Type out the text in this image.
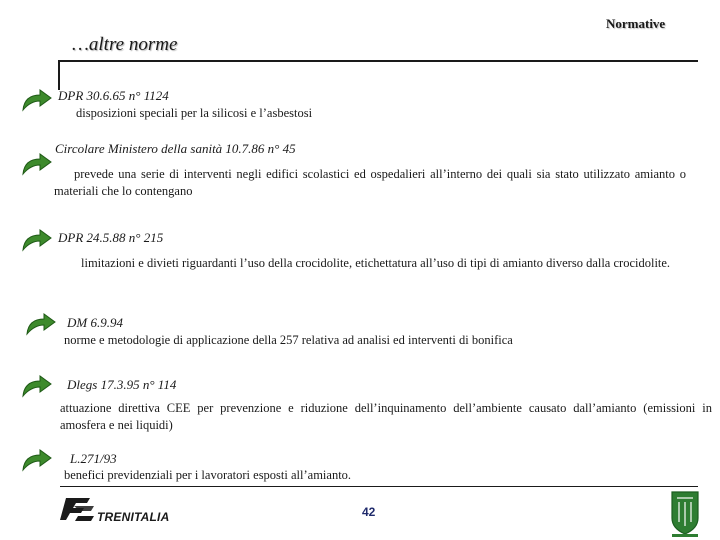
Normative
…altre norme
DPR 30.6.65 n° 1124
disposizioni speciali per la silicosi e l’asbestosi
Circolare Ministero della sanità 10.7.86 n° 45
prevede una serie di interventi negli edifici scolastici ed ospedalieri all’interno dei quali sia stato utilizzato amianto o materiali che lo contengano
DPR 24.5.88 n° 215
limitazioni e divieti riguardanti l’uso della crocidolite, etichettatura all’uso di tipi di amianto diverso dalla crocidolite.
DM 6.9.94
norme e metodologie di applicazione della 257 relativa ad analisi ed interventi di bonifica
Dlegs 17.3.95 n° 114
attuazione direttiva CEE per prevenzione e riduzione dell’inquinamento dell’ambiente causato dall’amianto (emissioni in amosfera e nei liquidi)
L.271/93
benefici previdenziali per i lavoratori esposti all’amianto.
TRENITALIA	42
